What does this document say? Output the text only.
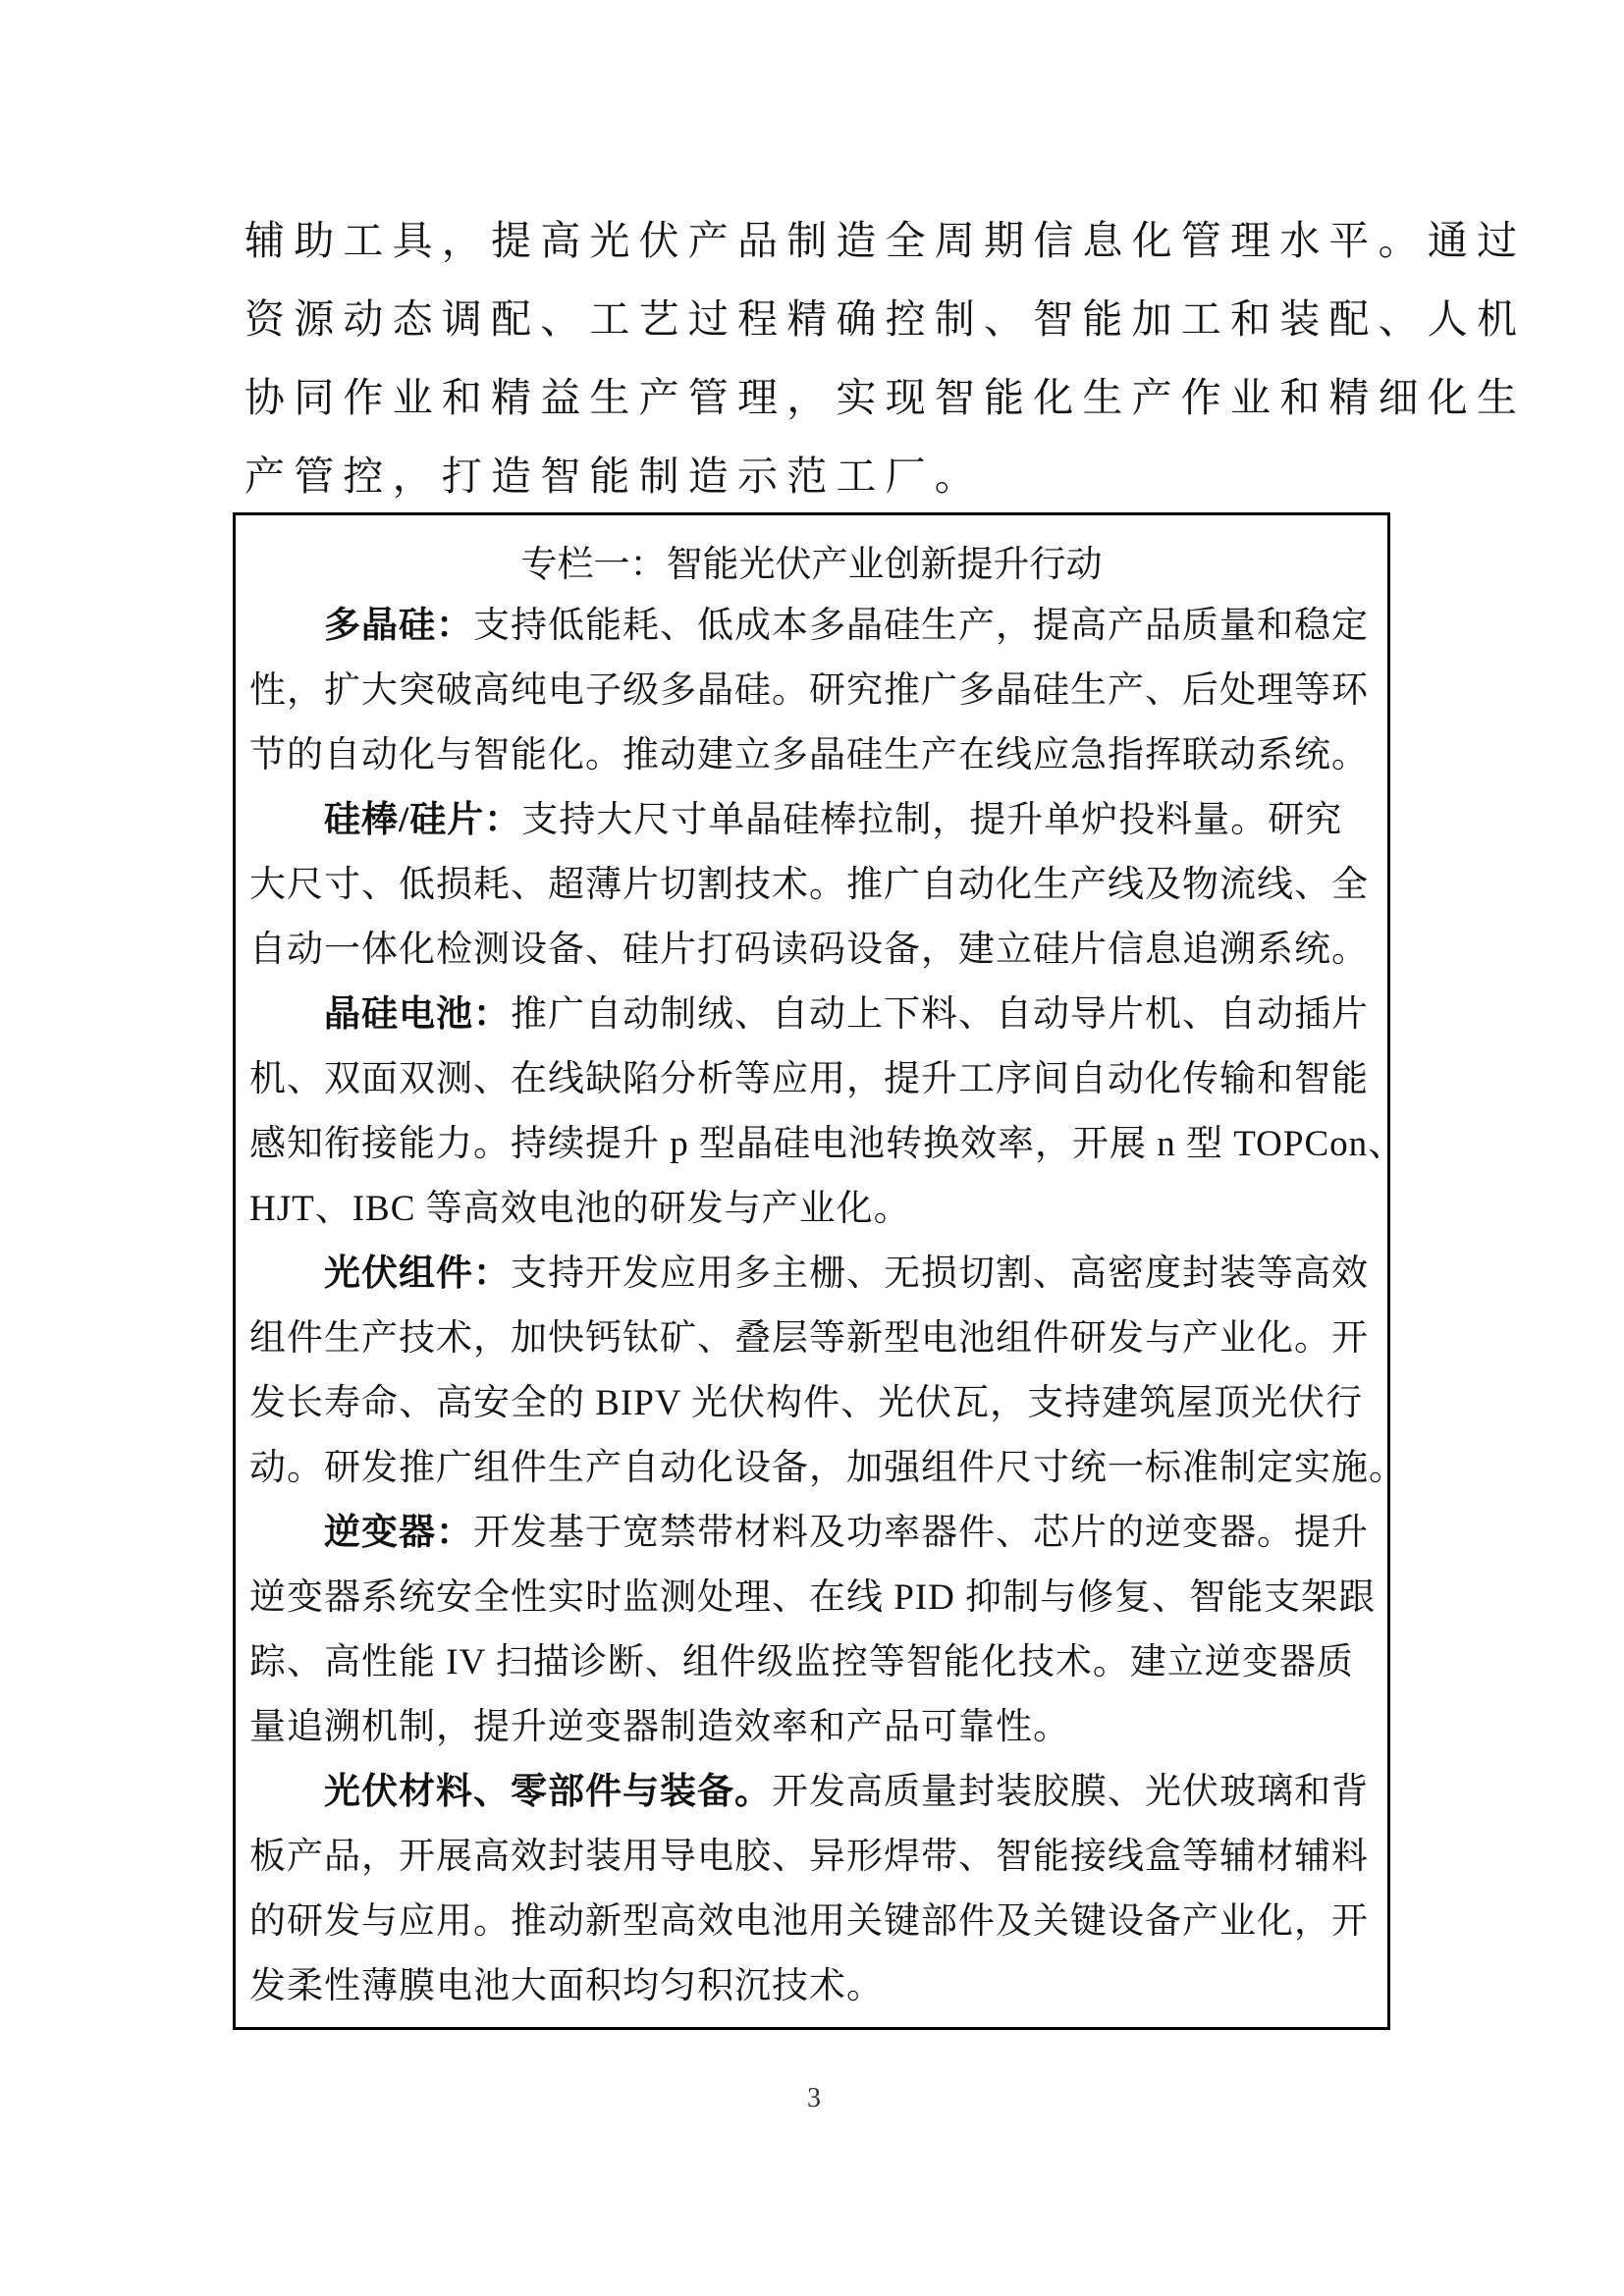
辅助工具，提高光伏产品制造全周期信息化管理水平。通过
资源动态调配、工艺过程精确控制、智能加工和装配、人机
协同作业和精益生产管理，实现智能化生产作业和精细化生
产管控，打造智能制造示范工厂。
专栏一：智能光伏产业创新提升行动
多晶硅：支持低能耗、低成本多晶硅生产，提高产品质量和稳定
性，扩大突破高纯电子级多晶硅。研究推广多晶硅生产、后处理等环
节的自动化与智能化。推动建立多晶硅生产在线应急指挥联动系统。
硅棒/硅片：支持大尺寸单晶硅棒拉制，提升单炉投料量。研究
大尺寸、低损耗、超薄片切割技术。推广自动化生产线及物流线、全
自动一体化检测设备、硅片打码读码设备，建立硅片信息追溯系统。
晶硅电池：推广自动制绒、自动上下料、自动导片机、自动插片
机、双面双测、在线缺陷分析等应用，提升工序间自动化传输和智能
感知衔接能力。持续提升 p 型晶硅电池转换效率，开展 n 型 TOPCon、
HJT、IBC 等高效电池的研发与产业化。
光伏组件：支持开发应用多主栅、无损切割、高密度封装等高效
组件生产技术，加快钙钛矿、叠层等新型电池组件研发与产业化。开
发长寿命、高安全的 BIPV 光伏构件、光伏瓦，支持建筑屋顶光伏行
动。研发推广组件生产自动化设备，加强组件尺寸统一标准制定实施。
逆变器：开发基于宽禁带材料及功率器件、芯片的逆变器。提升
逆变器系统安全性实时监测处理、在线 PID 抑制与修复、智能支架跟
踪、高性能 IV 扫描诊断、组件级监控等智能化技术。建立逆变器质
量追溯机制，提升逆变器制造效率和产品可靠性。
光伏材料、零部件与装备。开发高质量封装胶膜、光伏玻璃和背
板产品，开展高效封装用导电胶、异形焊带、智能接线盒等辅材辅料
的研发与应用。推动新型高效电池用关键部件及关键设备产业化，开
发柔性薄膜电池大面积均匀积沉技术。
3
